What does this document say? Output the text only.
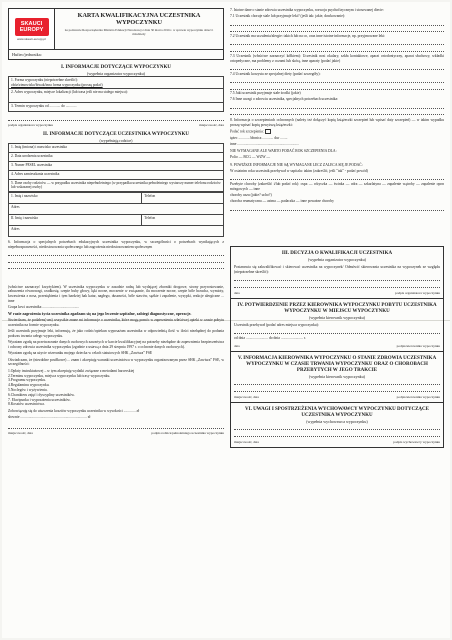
SKAUCI
EUROPY
www.skauci-europy.pl
KARTA KWALIFIKACYJNA UCZESTNIKA WYPOCZYNKU
na podstawie Rozporządzenia Ministra Edukacji Narodowej z dnia 30 marca 2016 r. w sprawie wypoczynku dzieci i młodzieży
Hufiec/jednostka:
I. INFORMACJE DOTYCZĄCE WYPOCZYNKU
(wypełnia organizator wypoczynku)
1. Forma wypoczynku (niepotrzebne skreślić):
obóz/zimowisko/biwak/inna forma wypoczynku (proszę podać)

2. Adres wypoczynku, miejsce lokalizacji (lub trasa jeśli nie ma stałego miejsca):

3. Termin wypoczynku od ............ do ............
podpis organizatora wypoczynku	miejscowość, data
II. INFORMACJE DOTYCZĄCE UCZESTNIKA WYPOCZYNKU
(wypełniają rodzice)
1. Imię (imiona) i nazwisko uczestnika
2. Data urodzenia uczestnika
3. Numer PESEL uczestnika
4. Adres zamieszkania uczestnika
5. Dane osoby rodziców — w przypadku uczestnika niepełnoletniego (w przypadku uczestnika pełnoletniego wystarczy numer telefonu rodziców lub wskazanej osoby)
1. Imię i nazwisko	Telefon
Adres	
II. Imię i nazwisko	Telefon
Adres	
6. Informacja o specjalnych potrzebach edukacyjnych uczestnika wypoczynku, w szczególności o potrzebach wynikających z niepełnosprawności, niedostosowania społecznego lub zagrożenia niedostosowaniem społecznym
(właściwe zaznaczyć krzyżykiem). W uczestnika wypoczynku w zasadzie radzę lub wydającej zborniki drogowe, strony przyrostowanie, zaburzenia równowagi, rzadkostę, czepie buby głowy, lęki nocne, moczenie w związanie, ilu moczenie nocne, czepie bóle brzucha, wymioty, krwawienia z nosa, przeziębienia i tym bardziej hak katar, nagłego, duszności, bóle stawów, sężkie i zapalenie, wysypki, reakcje alergiczne ... inne
Grupa krwi uczestnika ........................................
W razie zagrożenia życia uczestnika zgadzam się na jego leczenie szpitalne, zabiegi diagnostyczne, operacje.
Stwierdzam, że podałem(-am) wszystkie znane mi informacje o uczestniku, które mogą pomóc w zapewnieniu właściwej opieki w czasie pobytu uczestnika na formie wypoczynku.
Jeśli uczestnik przyjmuje leki, informuję, że jako rodzic/opiekun wyposażam uczestnika w odpowiednią ilość w ilości niezbędnej do podania podczas trwania całego wypoczynku.
Wyrażam zgodę na przetwarzanie danych osobowych zawartych w karcie kwalifikacyjnej na potrzeby niezbędne do zapewnienia bezpieczeństwa i ochrony zdrowia uczestnika wypoczynku (zgodnie z ustawą z dnia 29 sierpnia 1997 r. o ochronie danych osobowych).
Wyrażam zgodę na użycie wizerunku mojego dziecka w celach statutowych SHK „Zawisza” FSE
Oświadczam, że (niezdolne posiłkowe) ... znam i akceptuję warunki uczestnictwa w wypoczynku organizowanym przez SHK „Zawisza” FSE, w szczególności:
1.Opłaty instruktażowej – w tym akceptuję wydatki związane z metodami harcerskiej
2.Terminu wypoczynku, miejsca wypoczynku lub trasy wypoczynku.
3.Programu wypoczynku.
4.Regulaminu wypoczynku.
5.Noclegów i wyżywienia.
6.Charakteru zajęć i dyscypliny uczestników.
7. Ekwipunku i wyposażenia uczestników.
8.Kosztów uczestnictwa.
Zobowiązuję się do uiszczenia kosztów wypoczynku uczestnika w wysokości ............. zł
słownie ........................................................................ zł
miejscowość, data	podpis rodzica/pełnoletniego uczestnika wypoczynku
7. Istotne dane o stanie zdrowia uczestnika wypoczynku, rozwoju psychofizycznym i stosowanej diecie:
7.1 Uczestnik choruje stale lub przyjmuje leki? (jeśli tak: jakie, dawkowanie):
7.2 Uczestnik ma uczulenia/alergie: takich lub na co, oraz inne istotne informacje, np. przyjmowane leki:
7.3 Uczestnik (właściwe zaznaczyć kółkiem): Uczestnik nosi okulary, szkła kontaktowe, aparat ortodontyczny, aparat słuchowy, wkładki ortopedyczne, ma problemy z oczami lub skórą, inne aparaty (podać jakie)
7.4 Uczestnik korzysta ze specjalnej diety (podać szczegóły):
7.5 Jaki uczestnik przyjmuje stałe środki (jakie)
7.6 Inne uwagi o zdrowiu uczestnika, specjalnych potrzebach uczestnika:
8. Informacja o szczepieniach ochronnych (należy też dołączyć kopię książeczki szczepień lub wpisać daty szczepień) — w takim wypadku proszę wpisać kopię powyższą książeczki:
Podać rok szczepienia:
tężec ............ błonica ............ dur ........
inne ...................................................................
NIE WYMAGANE ALE WARTO PODAĆ ROK SZCZEPIENIA DLA:
Polio — BCG — WZW —
9. POWIŻSZE INFORMACJE NIE SĄ WYMAGANE LECZ ZALECA SIĘ JE PODAĆ:
W ostatnim roku uczestnik przebywał w szpitalu: takim (zakreślić, jeśli "tak" - podać powód)
Przebyte choroby (zakreślić i/lub podać rok): ospa — różyczka — świnka — odra — szkarlatyna — zapalenie wątroby — zapalenie opon mózgowych — inne
choroby uszu (jakie? ucho?)
choroba reumatyczna — astma — padaczka — inne poważne choroby
III. DECYZJA O KWALIFIKACJI UCZESTNIKA
(wypełnia organizator wypoczynku)
Postanawia się zakwalifikować i skierować uczestnika na wypoczynek/ Odmówić skierowania uczestnika na wypoczynek ze względu (niepotrzebne skreślić):
data	podpis organizatora wypoczynku
IV. POTWIERDZENIE PRZEZ KIEROWNIKA WYPOCZYNKU POBYTU UCZESTNIKA WYPOCZYNKU W MIEJSCU WYPOCZYNKU
(wypełnia kierownik wypoczynku)
Uczestnik przebywał (podać adres miejsca wypoczynku):
od dnia ........................ do dnia ........................ r.
data	podpis kierownika wypoczynku
V. INFORMACJA KIEROWNIKA WYPOCZYNKU O STANIE ZDROWIA UCZESTNIKA WYPOCZYNKU W CZASIE TRWANIA WYPOCZYNKU ORAZ O CHOROBACH PRZEBYTYCH W JEGO TRAKCIE
(wypełnia kierownik wypoczynku)
miejscowość, data	podpis kierownika wypoczynku
VI. UWAGI I SPOSTRZEŻENIA WYCHOWAWCY WYPOCZYNKU DOTYCZĄCE UCZESTNIKA WYPOCZYNKU
(wypełnia wychowawca wypoczynku)
miejscowość, data	podpis wychowawcy wypoczynku
